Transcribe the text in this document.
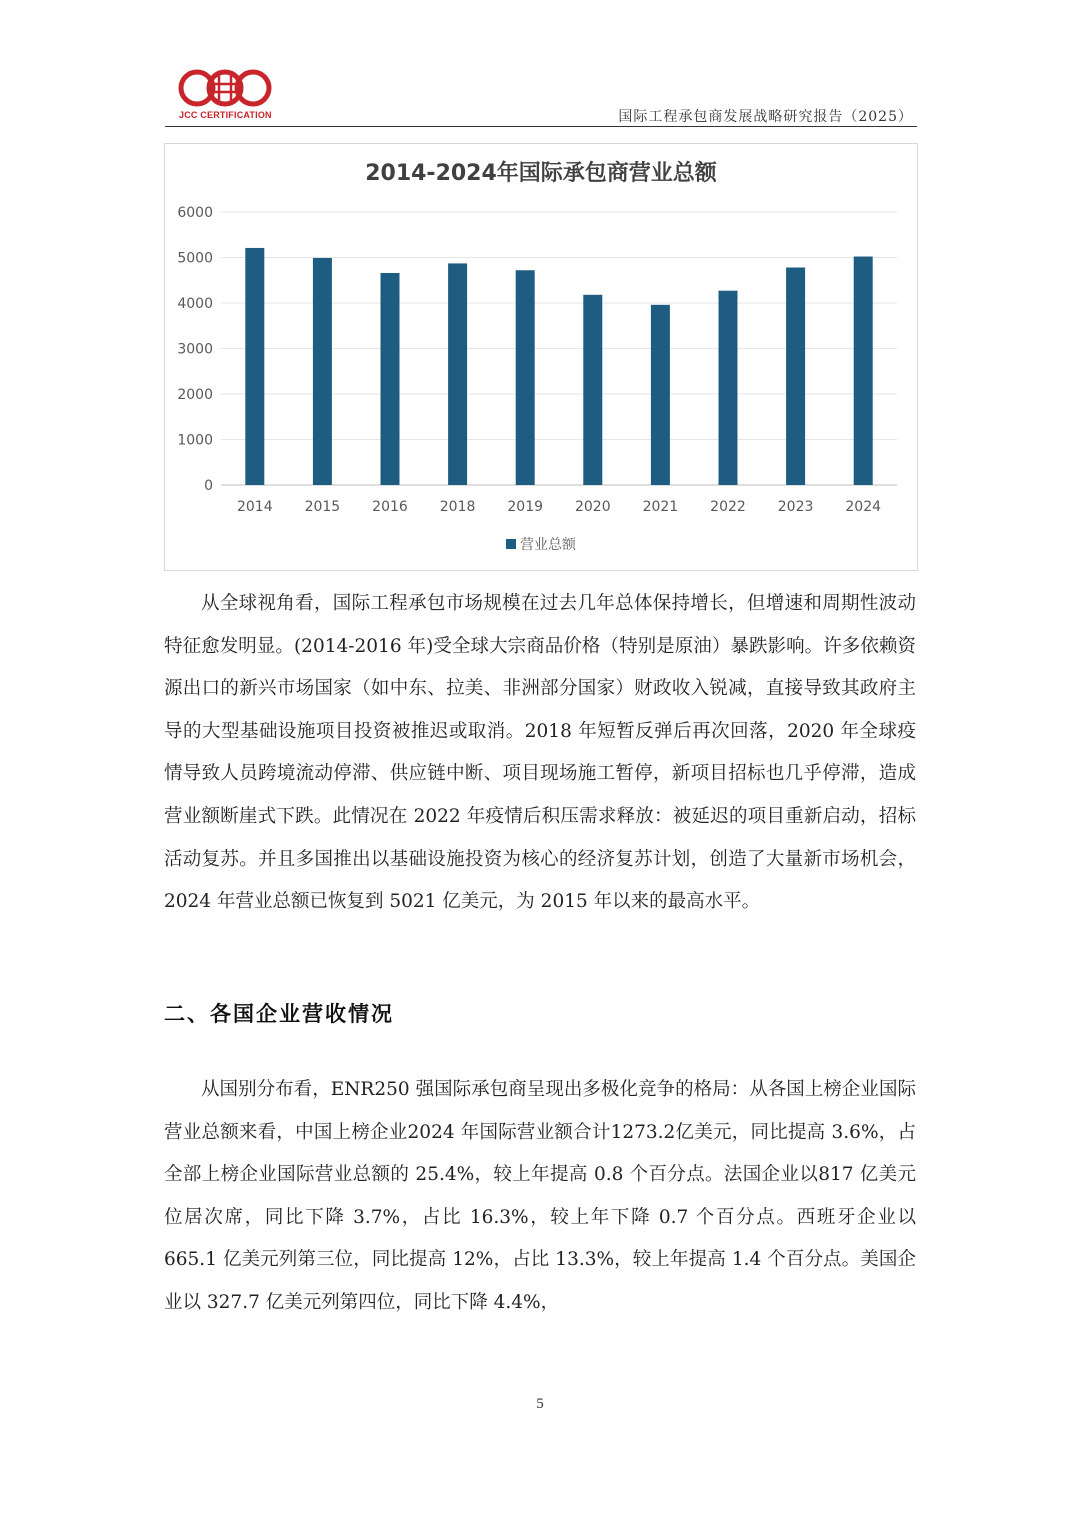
JCC CERTIFICATION	国际工程承包商发展战略研究报告（2025）
2014-2024年国际承包商营业总额
0
1000
2000
3000
4000
5000
6000
2014 2015 2016 2018 2019 2020 2021 2022 2023 2024
营业总额

从全球视角看，国际工程承包市场规模在过去几年总体保持增长，但增速和周期性波动特征愈发明显。(2014-2016 年)受全球大宗商品价格（特别是原油）暴跌影响。许多依赖资源出口的新兴市场国家（如中东、拉美、非洲部分国家）财政收入锐减，直接导致其政府主导的大型基础设施项目投资被推迟或取消。2018 年短暂反弹后再次回落，2020 年全球疫情导致人员跨境流动停滞、供应链中断、项目现场施工暂停，新项目招标也几乎停滞，造成营业额断崖式下跌。此情况在 2022 年疫情后积压需求释放：被延迟的项目重新启动，招标活动复苏。并且多国推出以基础设施投资为核心的经济复苏计划，创造了大量新市场机会，2024 年营业总额已恢复到 5021 亿美元，为 2015 年以来的最高水平。

二、各国企业营收情况

从国别分布看，ENR250 强国际承包商呈现出多极化竞争的格局：从各国上榜企业国际营业总额来看，中国上榜企业2024 年国际营业额合计1273.2亿美元，同比提高 3.6%，占全部上榜企业国际营业总额的 25.4%，较上年提高 0.8 个百分点。法国企业以817 亿美元位居次席，同比下降 3.7%，占比 16.3%，较上年下降 0.7 个百分点。西班牙企业以 665.1 亿美元列第三位，同比提高 12%，占比 13.3%，较上年提高 1.4 个百分点。美国企业以 327.7 亿美元列第四位，同比下降 4.4%，

5
